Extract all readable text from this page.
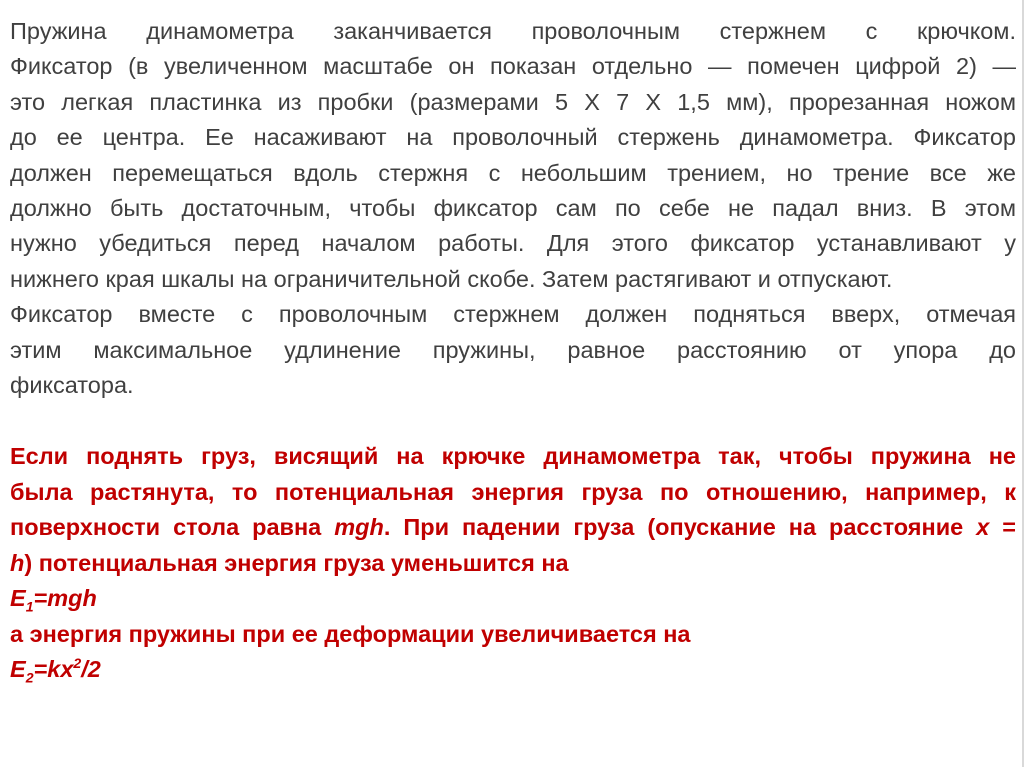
Пружина динамометра заканчивается проволочным стержнем с крючком.
Фиксатор (в увеличенном масштабе он показан отдельно — помечен цифрой 2) —
это легкая пластинка из пробки (размерами 5 X 7 X 1,5 мм), прорезанная ножом
до ее центра. Ее насаживают на проволочный стержень динамометра. Фиксатор
должен перемещаться вдоль стержня с небольшим трением, но трение все же
должно быть достаточным, чтобы фиксатор сам по себе не падал вниз. В этом
нужно убедиться перед началом работы. Для этого фиксатор устанавливают у
нижнего края шкалы на ограничительной скобе. Затем растягивают и отпускают.

Фиксатор вместе с проволочным стержнем должен подняться вверх, отмечая
этим максимальное удлинение пружины, равное расстоянию от упора до
фиксатора.

Если поднять груз, висящий на крючке динамометра так, чтобы пружина не
была растянута, то потенциальная энергия груза по отношению, например, к
поверхности стола равна mgh. При падении груза (опускание на расстояние x =
h) потенциальная энергия груза уменьшится на
$E_1=mgh$
а энергия пружины при ее деформации увеличивается на
$E_2=kx^2/2$
